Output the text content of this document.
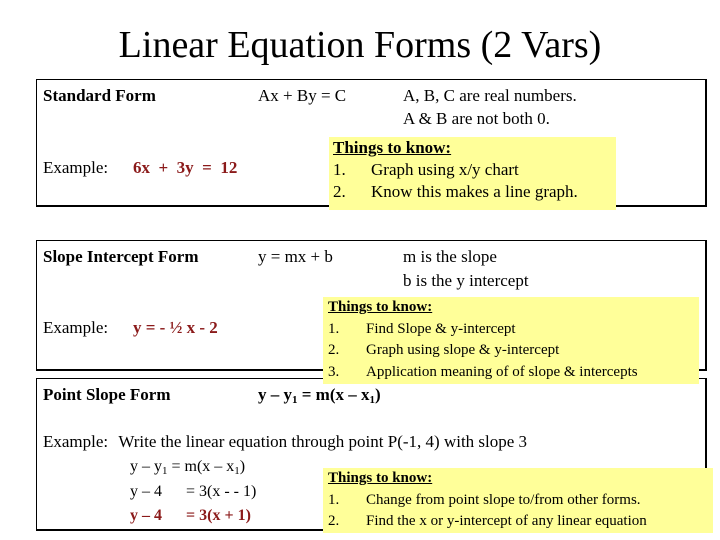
Linear Equation Forms (2 Vars)
Standard Form	Ax + By = C	A, B, C are real numbers.
A & B are not both 0.
Example: 6x  +  3y  =  12
Things to know:
1. Graph using x/y chart
2. Know this makes a line graph.
Slope Intercept Form	y = mx + b	m is the slope
b is the y intercept
Example: y = - ½ x - 2
Point Slope Form	$y - y_1 = m(x - x_1)$
Things to know:
1. Find Slope & y-intercept
2. Graph using slope & y-intercept
3. Application meaning of of slope & intercepts
Example: Write the linear equation through point P(-1, 4) with slope 3
$y - y_1 = m(x - x_1)$
y – 4 = 3(x - - 1)
y – 4 = 3(x + 1)
Things to know:
1. Change from point slope to/from other forms.
2. Find the x or y-intercept of any linear equation
